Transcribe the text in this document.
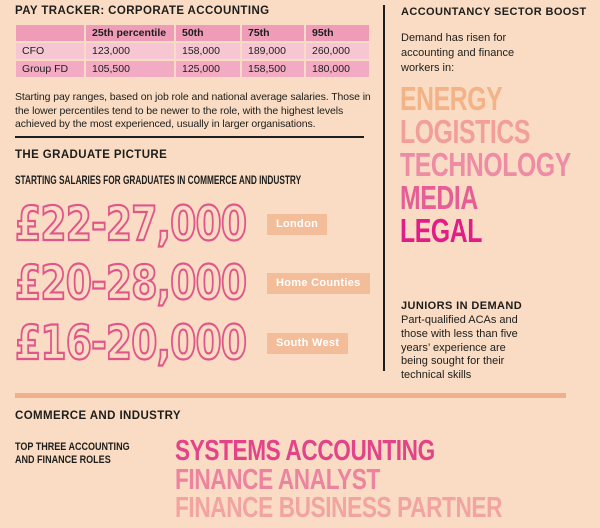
PAY TRACKER: CORPORATE ACCOUNTING
	25th percentile	50th	75th	95th
CFO	123,000	158,000	189,000	260,000
Group FD	105,500	125,000	158,500	180,000
Starting pay ranges, based on job role and national average salaries. Those in the lower percentiles tend to be newer to the role, with the highest levels achieved by the most experienced, usually in larger organisations.
THE GRADUATE PICTURE
STARTING SALARIES FOR GRADUATES IN COMMERCE AND INDUSTRY
£22-27,000	London
£20-28,000	Home Counties
£16-20,000	South West
ACCOUNTANCY SECTOR BOOST
Demand has risen for accounting and finance workers in:
ENERGY
LOGISTICS
TECHNOLOGY
MEDIA
LEGAL
JUNIORS IN DEMAND
Part-qualified ACAs and those with less than five years’ experience are being sought for their technical skills
COMMERCE AND INDUSTRY
TOP THREE ACCOUNTING AND FINANCE ROLES	SYSTEMS ACCOUNTING
FINANCE ANALYST
FINANCE BUSINESS PARTNER
